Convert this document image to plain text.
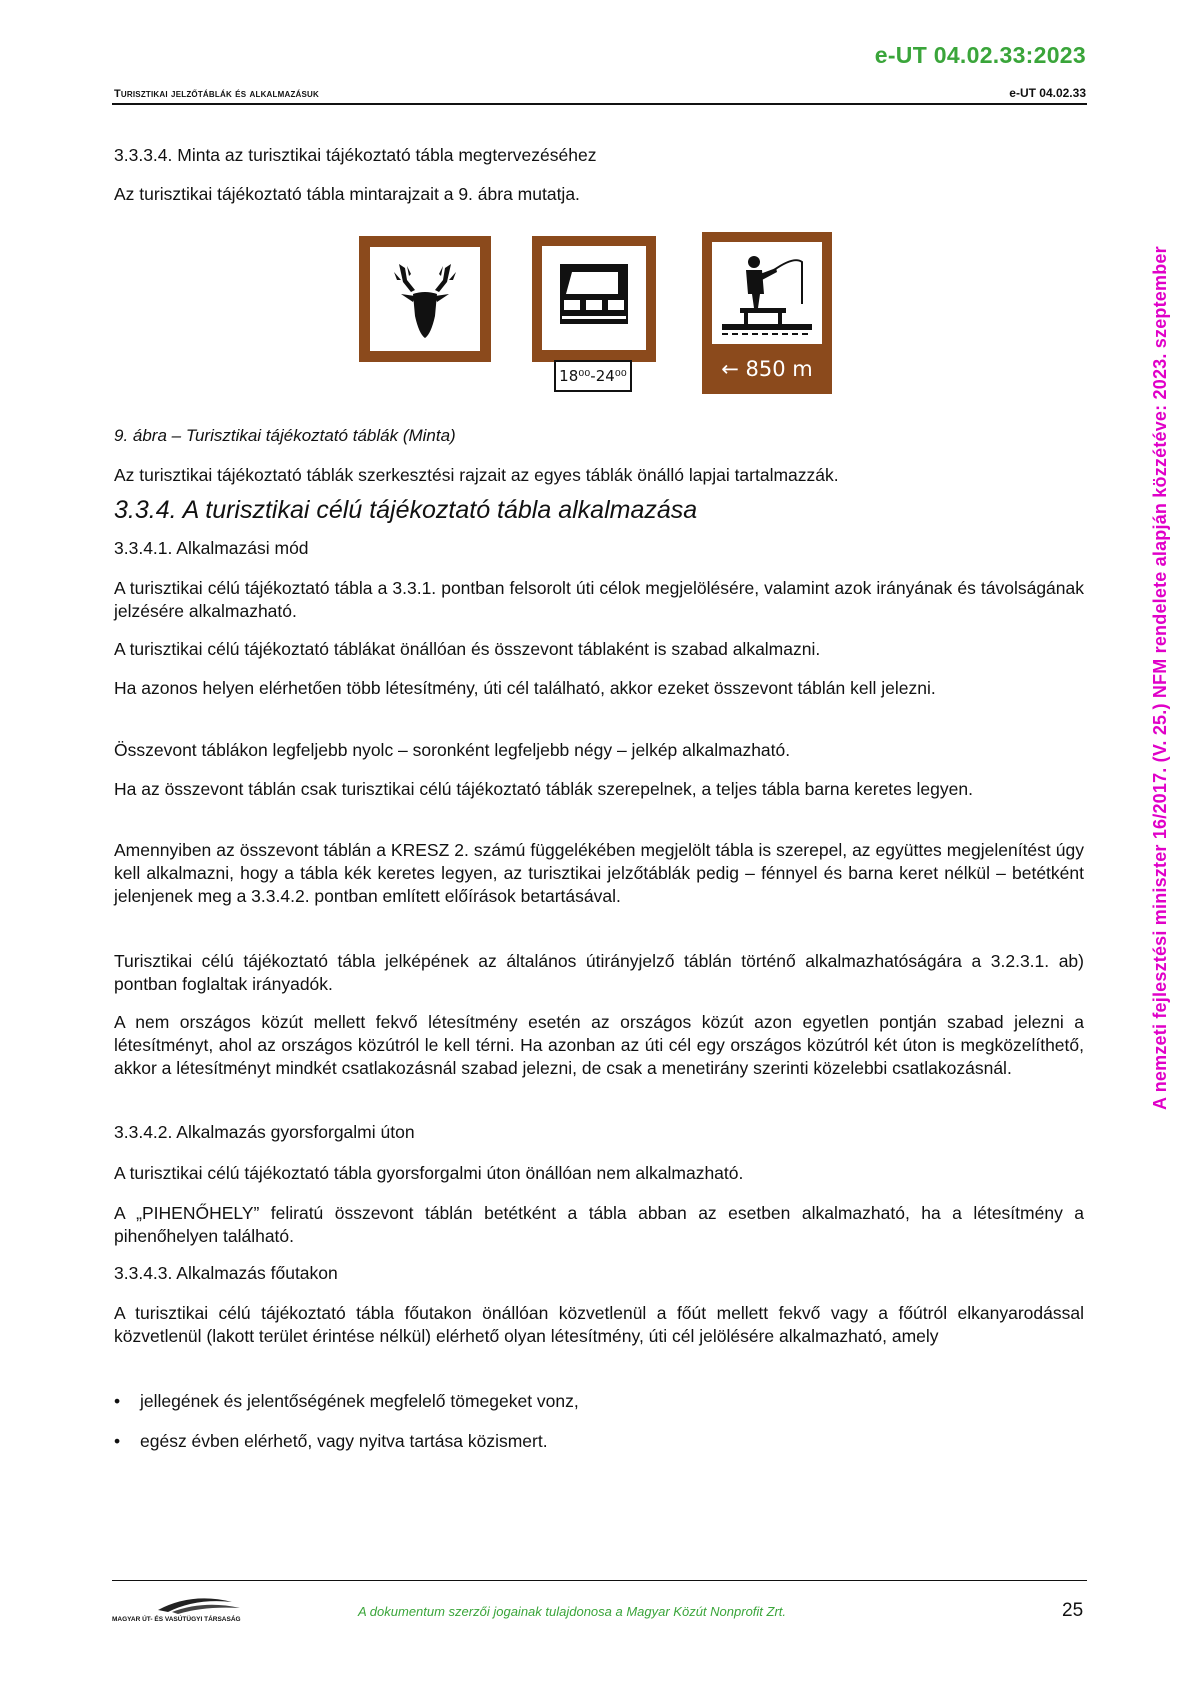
e-UT 04.02.33:2023
Turisztikai jelzőtáblák és alkalmazásuk	e-UT 04.02.33
A nemzeti fejlesztési miniszter 16/2017. (V. 25.) NFM rendelete alapján közzétéve: 2023. szeptember
3.3.3.4. Minta az turisztikai tájékoztató tábla megtervezéséhez
Az turisztikai tájékoztató tábla mintarajzait a 9. ábra mutatja.
18⁰⁰-24⁰⁰	← 850 m
9. ábra – Turisztikai tájékoztató táblák (Minta)
Az turisztikai tájékoztató táblák szerkesztési rajzait az egyes táblák önálló lapjai tartalmazzák.
3.3.4. A turisztikai célú tájékoztató tábla alkalmazása
3.3.4.1. Alkalmazási mód
A turisztikai célú tájékoztató tábla a 3.3.1. pontban felsorolt úti célok megjelölésére, valamint azok irányának és távolságának jelzésére alkalmazható.
A turisztikai célú tájékoztató táblákat önállóan és összevont táblaként is szabad alkalmazni.
Ha azonos helyen elérhetően több létesítmény, úti cél található, akkor ezeket összevont táblán kell jelezni.
Összevont táblákon legfeljebb nyolc – soronként legfeljebb négy – jelkép alkalmazható.
Ha az összevont táblán csak turisztikai célú tájékoztató táblák szerepelnek, a teljes tábla barna keretes legyen.
Amennyiben az összevont táblán a KRESZ 2. számú függelékében megjelölt tábla is szerepel, az együttes megjelenítést úgy kell alkalmazni, hogy a tábla kék keretes legyen, az turisztikai jelzőtáblák pedig – fénnyel és barna keret nélkül – betétként jelenjenek meg a 3.3.4.2. pontban említett előírások betartásával.
Turisztikai célú tájékoztató tábla jelképének az általános útirányjelző táblán történő alkalmazhatóságára a 3.2.3.1. ab) pontban foglaltak irányadók.
A nem országos közút mellett fekvő létesítmény esetén az országos közút azon egyetlen pontján szabad jelezni a létesítményt, ahol az országos közútról le kell térni. Ha azonban az úti cél egy országos közútról két úton is megközelíthető, akkor a létesítményt mindkét csatlakozásnál szabad jelezni, de csak a menetirány szerinti közelebbi csatlakozásnál.
3.3.4.2. Alkalmazás gyorsforgalmi úton
A turisztikai célú tájékoztató tábla gyorsforgalmi úton önállóan nem alkalmazható.
A „PIHENŐHELY” feliratú összevont táblán betétként a tábla abban az esetben alkalmazható, ha a létesítmény a pihenőhelyen található.
3.3.4.3. Alkalmazás főutakon
A turisztikai célú tájékoztató tábla főutakon önállóan közvetlenül a főút mellett fekvő vagy a főútról elkanyarodással közvetlenül (lakott terület érintése nélkül) elérhető olyan létesítmény, úti cél jelölésére alkalmazható, amely
• jellegének és jelentőségének megfelelő tömegeket vonz,
• egész évben elérhető, vagy nyitva tartása közismert.
MAGYAR ÚT- ÉS VASÚTÜGYI TÁRSASÁG
A dokumentum szerzői jogainak tulajdonosa a Magyar Közút Nonprofit Zrt.	25
